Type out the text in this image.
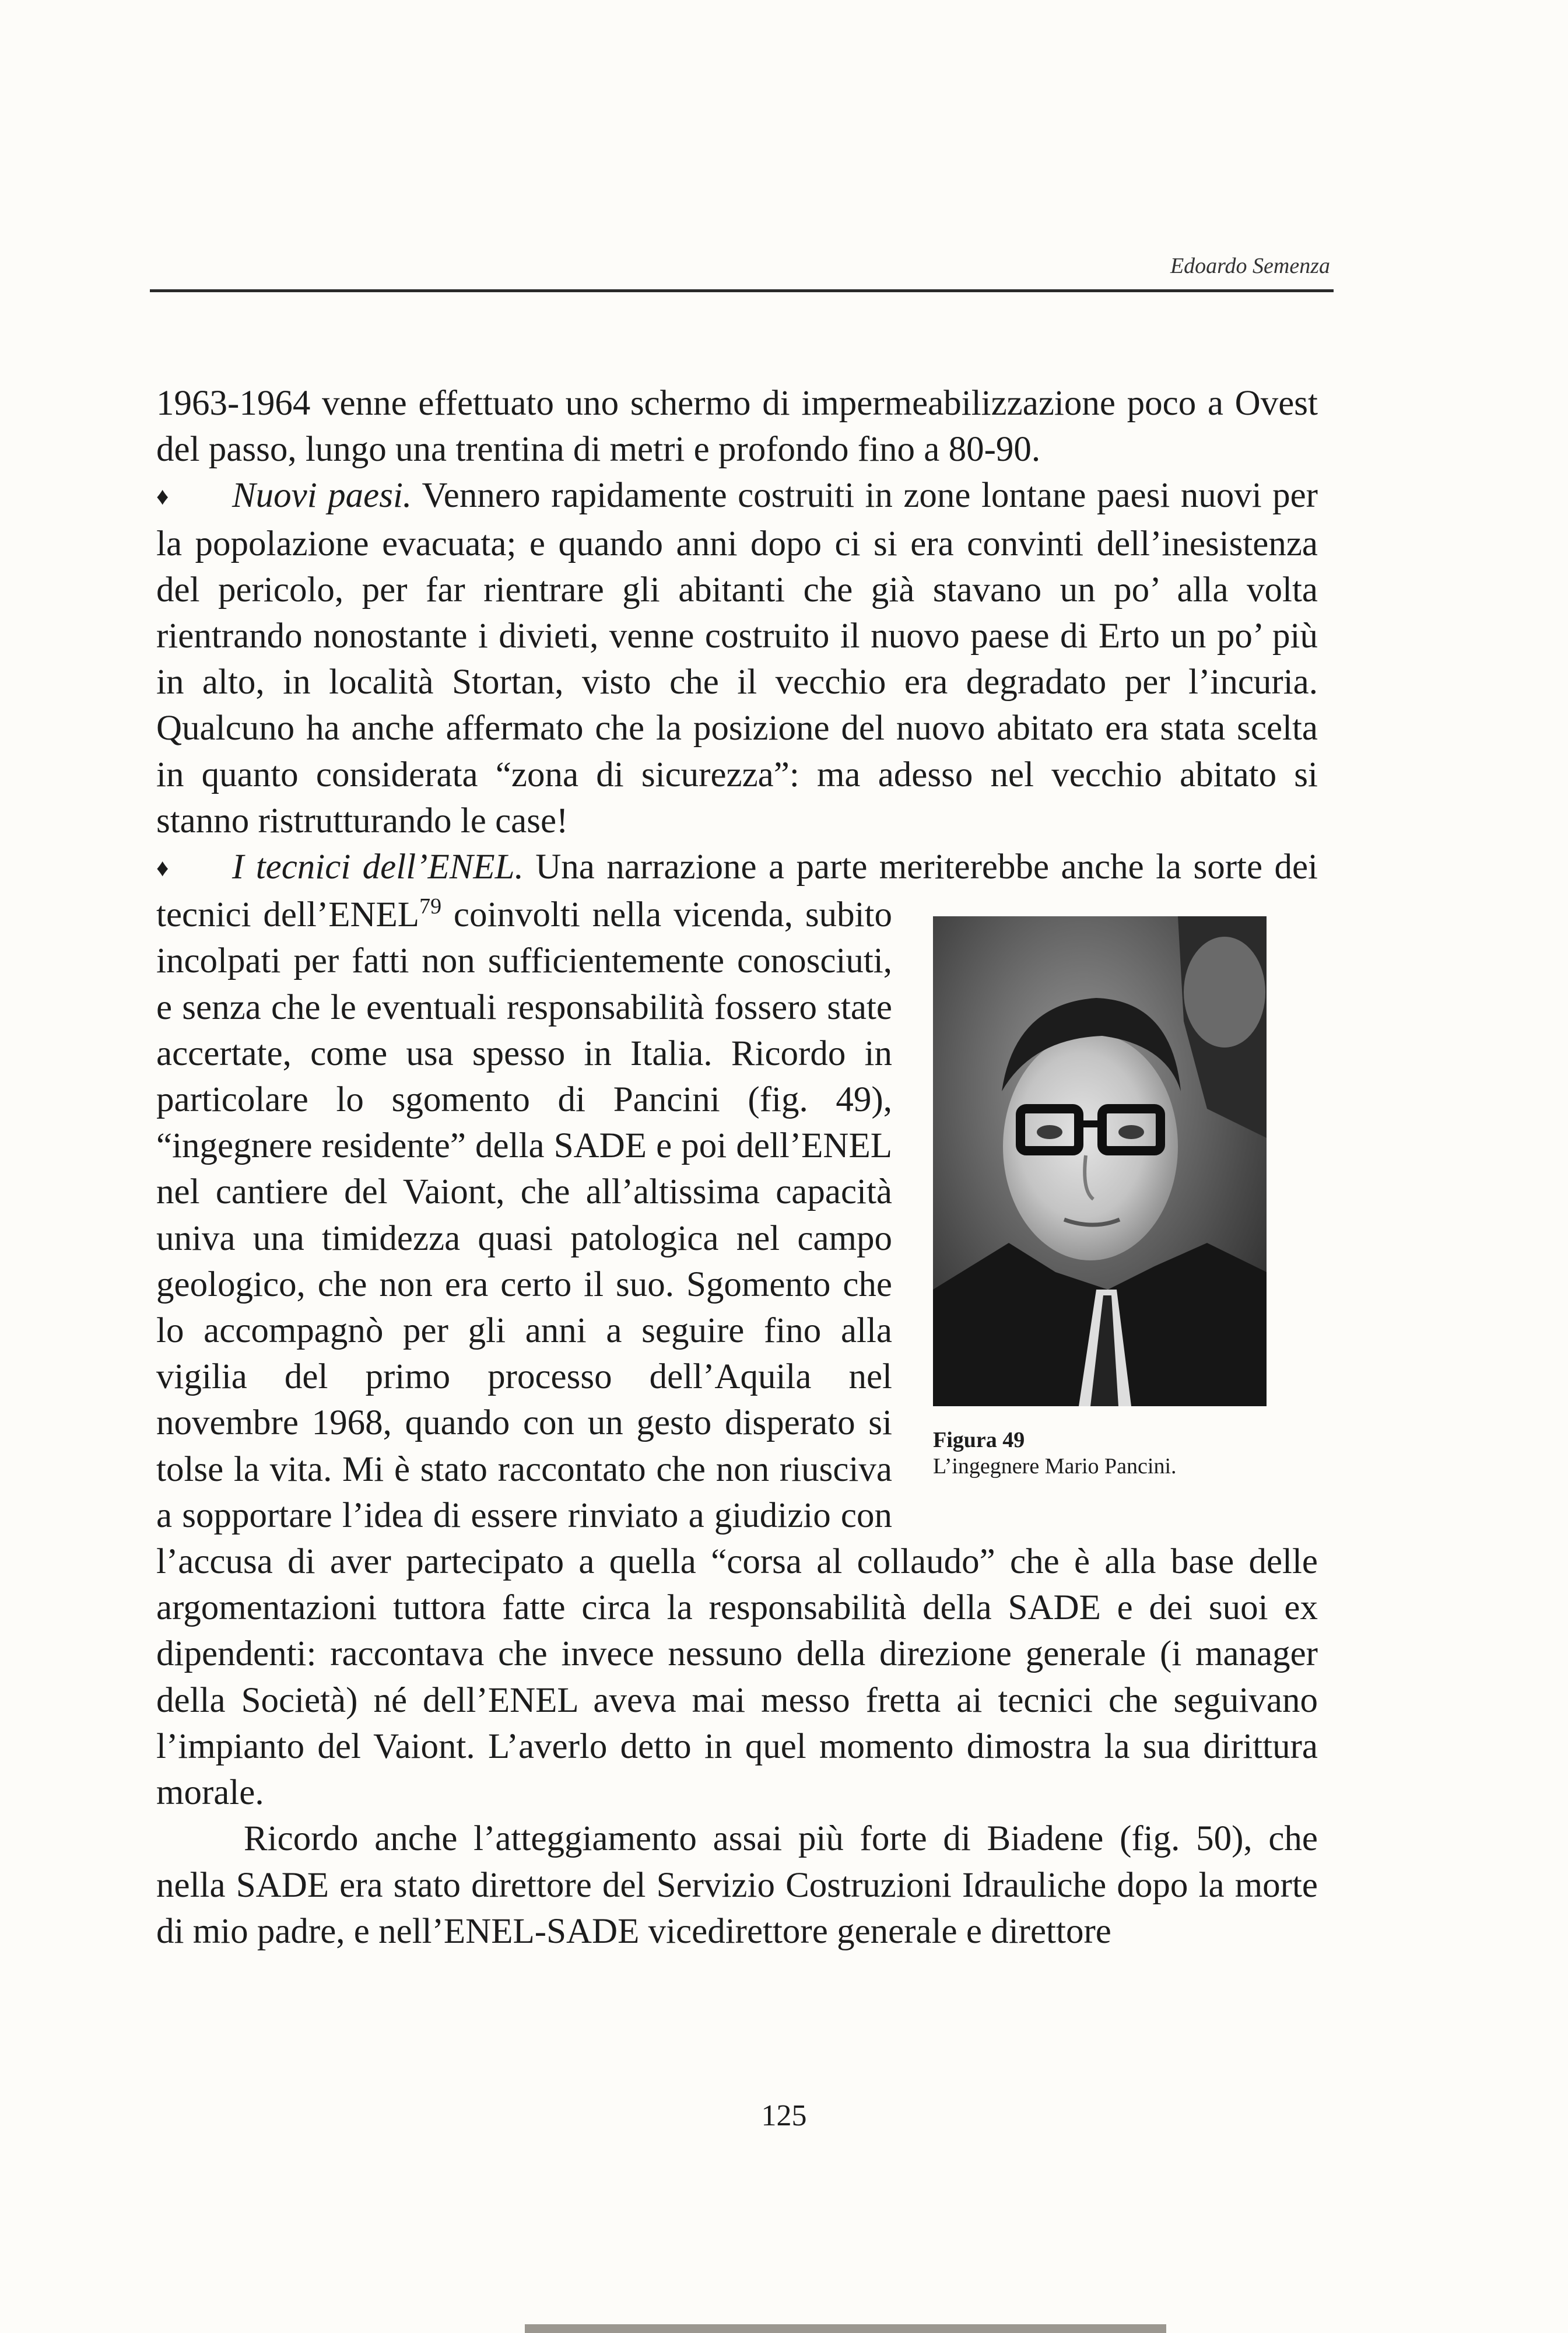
Edoardo Semenza

1963-1964 venne effettuato uno schermo di impermeabilizzazione poco a Ovest del passo, lungo una trentina di metri e profondo fino a 80-90.

♦ Nuovi paesi. Vennero rapidamente costruiti in zone lontane paesi nuovi per la popolazione evacuata; e quando anni dopo ci si era convinti dell’inesistenza del pericolo, per far rientrare gli abitanti che già stavano un po’ alla volta rientrando nonostante i divieti, venne costruito il nuovo paese di Erto un po’ più in alto, in località Stortan, visto che il vecchio era degradato per l’incuria. Qualcuno ha anche affermato che la posizione del nuovo abitato era stata scelta in quanto considerata “zona di sicurezza”: ma adesso nel vecchio abitato si stanno ristrutturando le case!

♦ I tecnici dell’ENEL. Una narrazione a parte meriterebbe anche la sorte dei tecnici dell’ENEL$^{79}$
Figura 49
L’ingegnere Mario Pancini.
coinvolti nella vicenda, subito incolpati per fatti non sufficientemente conosciuti, e senza che le eventuali responsabilità fossero state accertate, come usa spesso in Italia. Ricordo in particolare lo sgomento di Pancini (fig. 49), “ingegnere residente” della SADE e poi dell’ENEL nel cantiere del Vaiont, che all’altissima capacità univa una timidezza quasi patologica nel campo geologico, che non era certo il suo. Sgomento che lo accompagnò per gli anni a seguire fino alla vigilia del primo processo dell’Aquila nel novembre 1968, quando con un gesto disperato si tolse la vita. Mi è stato raccontato che non riusciva a sopportare l’idea di essere rinviato a giudizio con l’accusa di aver partecipato a quella “corsa al collaudo” che è alla base delle argomentazioni tuttora fatte circa la responsabilità della SADE e dei suoi ex dipendenti: raccontava che invece nessuno della direzione generale (i manager della Società) né dell’ENEL aveva mai messo fretta ai tecnici che seguivano l’impianto del Vaiont. L’averlo detto in quel momento dimostra la sua dirittura morale.

Ricordo anche l’atteggiamento assai più forte di Biadene (fig. 50), che nella SADE era stato direttore del Servizio Costruzioni Idrauliche dopo la morte di mio padre, e nell’ENEL-SADE vicedirettore generale e direttore

125
